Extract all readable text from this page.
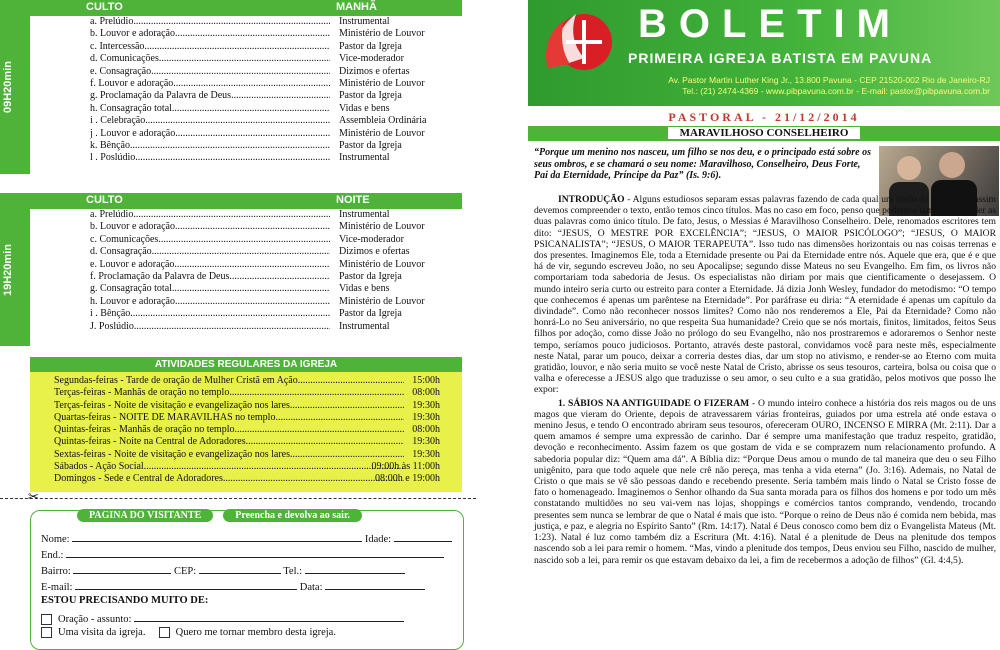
09H20min
CULTO	MANHÃ
a. Prelúdio .....	Instrumental
b. Louvor e adoração .....	Ministério de Louvor
c. Intercessão .....	Pastor da Igreja
d. Comunicações .....	Vice-moderador
e. Consagração .....	Dizimos e ofertas
f. Louvor e adoração .....	Ministério de Louvor
g. Proclamação da Palavra de Deus .....	Pastor da Igreja
h. Consagração total .....	Vidas e bens
i . Celebração .....	Assembleia Ordinária
j . Louvor e adoração .....	Ministério de Louvor
k. Bênção .....	Pastor da Igreja
l . Poslúdio .....	Instrumental
19H20min
CULTO	NOITE
a. Prelúdio .....	Instrumental
b. Louvor e adoração .....	Ministério de Louvor
c. Comunicações .....	Vice-moderador
d. Consagração .....	Dizimos e ofertas
e. Louvor e adoração .....	Ministério de Louvor
f. Proclamação da Palavra de Deus .....	Pastor da Igreja
g. Consagração total .....	Vidas e bens
h. Louvor e adoração .....	Ministério de Louvor
i . Bênção .....	Pastor da Igreja
J. Poslúdio .....	Instrumental
ATIVIDADES REGULARES DA IGREJA
Segundas-feiras - Tarde de oração de Mulher Cristã em Ação .....	15:00h
Terças-feiras - Manhãs de oração no templo .....	08:00h
Terças-feiras - Noite de visitação e evangelização nos lares .....	19:30h
Quartas-feiras - NOITE DE MARAVILHAS no templo .....	19:30h
Quintas-feiras - Manhãs de oração no templo .....	08:00h
Quintas-feiras - Noite na Central de Adoradores .....	19:30h
Sextas-feiras - Noite de visitação e evangelização nos lares .....	19:30h
Sábados - Ação Social .....	09:00h às 11:00h
Domingos - Sede e Central de Adoradores .....	08:00h e 19:00h
✂
PAGINA DO VISITANTE	Preencha e devolva ao sair.
Nome:	Idade:
End.:
Bairro:	CEP:	Tel.:
E-mail:	Data:
ESTOU PRECISANDO MUITO DE:
Oração - assunto:
Uma visita da igreja.	Quero me tornar membro desta igreja.
BOLETIM
PRIMEIRA IGREJA BATISTA EM PAVUNA
Av. Pastor Martin Luther King Jr., 13.800 Pavuna - CEP 21520-002 Rio de Janeiro-RJ
Tel.: (21) 2474-4369 - www.pibpavuna.com.br - E-mail: pastor@pibpavuna.com.br
PASTORAL - 21/12/2014
MARAVILHOSO CONSELHEIRO
“Porque um menino nos nasceu, um filho se nos deu, e o principado está sobre os seus ombros, e se chamará o seu nome: Maravilhoso, Conselheiro, Deus Forte, Pai da Eternidade, Príncipe da Paz” (Is. 9:6).

INTRODUÇÃO - Alguns estudiosos separam essas palavras fazendo de cada qual um título do Messias, e assim devemos compreender o texto, então temos cinco títulos. Mas no caso em foco, penso que podemos também entender as duas palavras como único título. De fato, Jesus, o Messias é Maravilhoso Conselheiro. Dele, renomados escritores tem dito: “JESUS, O MESTRE POR EXCELÊNCIA”; “JESUS, O MAIOR PSICÓLOGO”; “JESUS, O MAIOR PSICANALISTA”; “JESUS, O MAIOR TERAPEUTA”. Isso tudo nas dimensões horizontais ou nas coisas terrenas e dos presentes. Imaginemos Ele, toda a Eternidade presente ou Pai da Eternidade entre nós. Aquele que era, que é e que há de vir, segundo escreveu João, no seu Apocalipse; segundo disse Mateus no seu Evangelho. Em fim, os livros não comportariam toda sabedoria de Jesus. Os especialistas não diriam por mais que cientificamente o desejassem. O mundo inteiro seria curto ou estreito para conter a Eternidade. Já dizia Jonh Wesley, fundador do metodismo: “O tempo que conhecemos é apenas um parêntese na Eternidade”. Por paráfrase eu diria: “A eternidade é apenas um capítulo da divindade”. Como não reconhecer nossos limites? Como não nos renderemos a Ele, Pai da Eternidade? Como não honrá-Lo no Seu aniversário, no que respeita Sua humanidade? Creio que se nós mortais, finitos, limitados, feitos Seus filhos por adoção, como disse João no prólogo do seu Evangelho, não nos prostraremos e adoraremos o Senhor neste tempo, seríamos pouco judiciosos. Portanto, através deste pastoral, convidamos você para neste mês, especialmente neste Natal, parar um pouco, deixar a correria destes dias, dar um stop no ativismo, e render-se ao Eterno com muita gratidão, louvor, e não seria muito se você neste Natal de Cristo, abrisse os seus tesouros, carteira, bolsa ou coisa que o valha e oferecesse a JESUS algo que traduzisse o seu amor, o seu culto e a sua gratidão, pelos motivos que posso lhe expor:

1. SÁBIOS NA ANTIGUIDADE O FIZERAM - O mundo inteiro conhece a história dos reis magos ou de uns magos que vieram do Oriente, depois de atravessarem várias fronteiras, guiados por uma estrela até onde estava o menino Jesus, e tendo O encontrado abriram seus tesouros, ofereceram OURO, INCENSO E MIRRA (Mt. 2:11). Dar a quem amamos é sempre uma expressão de carinho. Dar é sempre uma manifestação que traduz respeito, gratidão, devoção e reconhecimento. Assim fazem os que gostam de vida e se comprazem num relacionamento profundo. A sabedoria popular diz: “Quem ama dá”. A Bíblia diz: “Porque Deus amou o mundo de tal maneira que deu o seu Filho unigênito, para que todo aquele que nele crê não pereça, mas tenha a vida eterna” (Jo. 3:16). Ademais, no Natal de Cristo o que mais se vê são pessoas dando e recebendo presente. Seria também mais lindo o Natal se Cristo fosse de fato o homenageado. Imaginemos o Senhor olhando da Sua santa morada para os filhos dos homens e por todo um mês constatando multidões no seu vai-vem nas lojas, shoppings e comércios tantos comprando, vendendo, trocando presentes sem nunca se lembrar de que o Natal é mais que isto. “Porque o reino de Deus não é comida nem bebida, mas justiça, e paz, e alegria no Espírito Santo” (Rm. 14:17). Natal é Deus conosco como bem diz o Evangelista Mateus (Mt. 1:23). Natal é luz como também diz a Escritura (Mt. 4:16). Natal é a plenitude de Deus na plenitude dos tempos nascendo sob a lei para remir o homem. “Mas, vindo a plenitude dos tempos, Deus enviou seu Filho, nascido de mulher, nascido sob a lei, para remir os que estavam debaixo da lei, a fim de recebermos a adoção de filhos” (Gl. 4:4,5).
